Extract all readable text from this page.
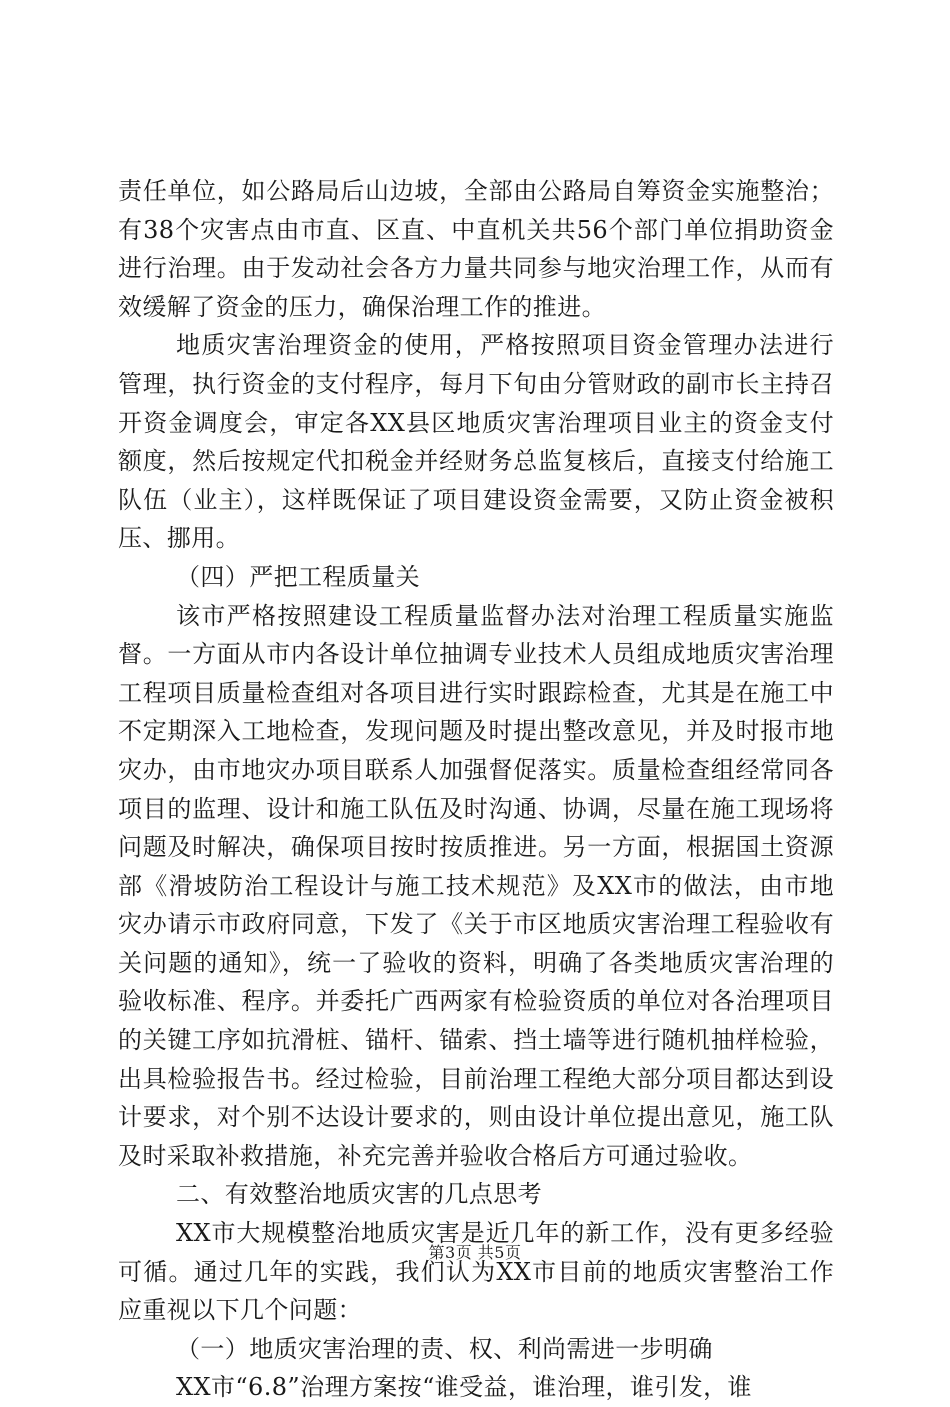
责任单位，如公路局后山边坡，全部由公路局自筹资金实施整治；有38个灾害点由市直、区直、中直机关共56个部门单位捐助资金进行治理。由于发动社会各方力量共同参与地灾治理工作，从而有效缓解了资金的压力，确保治理工作的推进。

地质灾害治理资金的使用，严格按照项目资金管理办法进行管理，执行资金的支付程序，每月下旬由分管财政的副市长主持召开资金调度会，审定各XX县区地质灾害治理项目业主的资金支付额度，然后按规定代扣税金并经财务总监复核后，直接支付给施工队伍（业主），这样既保证了项目建设资金需要，又防止资金被积压、挪用。

（四）严把工程质量关

该市严格按照建设工程质量监督办法对治理工程质量实施监督。一方面从市内各设计单位抽调专业技术人员组成地质灾害治理工程项目质量检查组对各项目进行实时跟踪检查，尤其是在施工中不定期深入工地检查，发现问题及时提出整改意见，并及时报市地灾办，由市地灾办项目联系人加强督促落实。质量检查组经常同各项目的监理、设计和施工队伍及时沟通、协调，尽量在施工现场将问题及时解决，确保项目按时按质推进。另一方面，根据国土资源部《滑坡防治工程设计与施工技术规范》及XX市的做法，由市地灾办请示市政府同意，下发了《关于市区地质灾害治理工程验收有关问题的通知》，统一了验收的资料，明确了各类地质灾害治理的验收标准、程序。并委托广西两家有检验资质的单位对各治理项目的关键工序如抗滑桩、锚杆、锚索、挡土墙等进行随机抽样检验，出具检验报告书。经过检验，目前治理工程绝大部分项目都达到设计要求，对个别不达设计要求的，则由设计单位提出意见，施工队及时采取补救措施，补充完善并验收合格后方可通过验收。

二、有效整治地质灾害的几点思考

XX市大规模整治地质灾害是近几年的新工作，没有更多经验可循。通过几年的实践，我们认为XX市目前的地质灾害整治工作应重视以下几个问题：

（一）地质灾害治理的责、权、利尚需进一步明确

XX市“6.8”治理方案按“谁受益，谁治理，谁引发，谁

第3页 共5页
